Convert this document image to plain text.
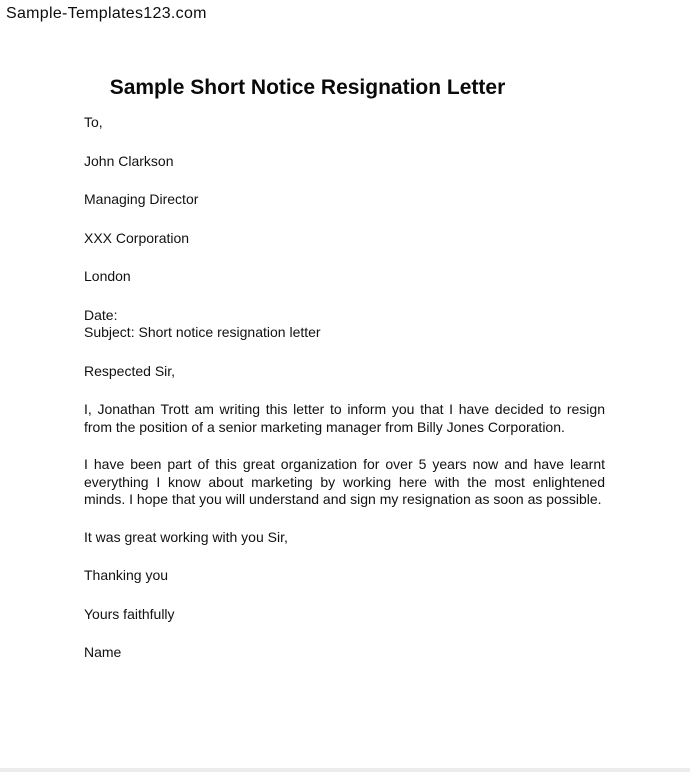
Sample-Templates123.com
Sample Short Notice Resignation Letter

To,

John Clarkson

Managing Director

XXX Corporation

London

Date:

Subject: Short notice resignation letter

Respected Sir,

I, Jonathan Trott am writing this letter to inform you that I have decided to resign from the position of a senior marketing manager from Billy Jones Corporation.

I have been part of this great organization for over 5 years now and have learnt everything I know about marketing by working here with the most enlightened minds. I hope that you will understand and sign my resignation as soon as possible.

It was great working with you Sir,

Thanking you

Yours faithfully

Name
